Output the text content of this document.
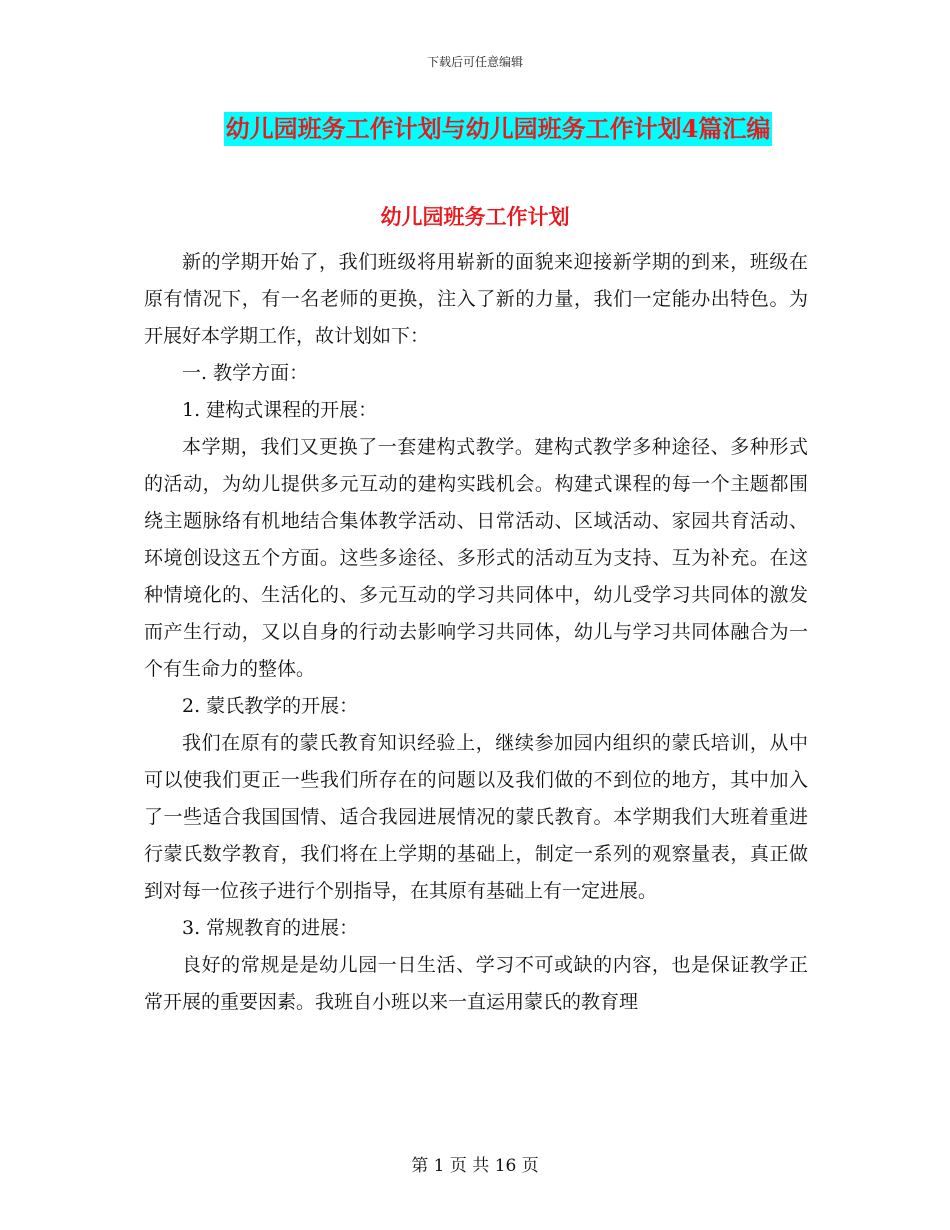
下载后可任意编辑
幼儿园班务工作计划与幼儿园班务工作计划4篇汇编
幼儿园班务工作计划

新的学期开始了，我们班级将用崭新的面貌来迎接新学期的到来，班级在原有情况下，有一名老师的更换，注入了新的力量，我们一定能办出特色。为开展好本学期工作，故计划如下：

一. 教学方面：

1. 建构式课程的开展：

本学期，我们又更换了一套建构式教学。建构式教学多种途径、多种形式的活动，为幼儿提供多元互动的建构实践机会。构建式课程的每一个主题都围绕主题脉络有机地结合集体教学活动、日常活动、区域活动、家园共育活动、环境创设这五个方面。这些多途径、多形式的活动互为支持、互为补充。在这种情境化的、生活化的、多元互动的学习共同体中，幼儿受学习共同体的激发而产生行动，又以自身的行动去影响学习共同体，幼儿与学习共同体融合为一个有生命力的整体。

2. 蒙氏教学的开展：

我们在原有的蒙氏教育知识经验上，继续参加园内组织的蒙氏培训，从中可以使我们更正一些我们所存在的问题以及我们做的不到位的地方，其中加入了一些适合我国国情、适合我园进展情况的蒙氏教育。本学期我们大班着重进行蒙氏数学教育，我们将在上学期的基础上，制定一系列的观察量表，真正做到对每一位孩子进行个别指导，在其原有基础上有一定进展。

3. 常规教育的进展：

良好的常规是是幼儿园一日生活、学习不可或缺的内容，也是保证教学正常开展的重要因素。我班自小班以来一直运用蒙氏的教育理

第 1 页 共 16 页
